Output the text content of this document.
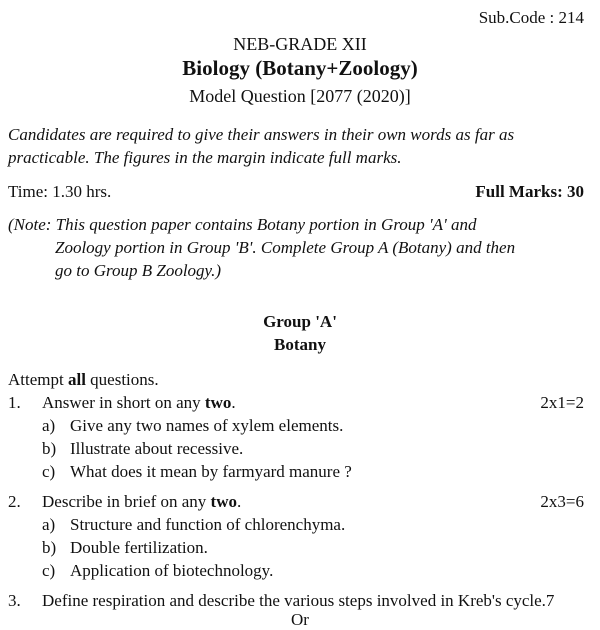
Sub.Code : 214
NEB-GRADE XII
Biology (Botany+Zoology)
Model Question [2077 (2020)]
Candidates are required to give their answers in their own words as far as
practicable. The figures in the margin indicate full marks.
Time: 1.30 hrs.	Full Marks: 30
(Note: This question paper contains Botany portion in Group 'A' and
Zoology portion in Group 'B'. Complete Group A (Botany) and then
go to Group B Zoology.)
Group 'A'
Botany
Attempt all questions.
1. Answer in short on any two.	2x1=2
a) Give any two names of xylem elements.
b) Illustrate about recessive.
c) What does it mean by farmyard manure ?
2. Describe in brief on any two.	2x3=6
a) Structure and function of chlorenchyma.
b) Double fertilization.
c) Application of biotechnology.
3. Define respiration and describe the various steps involved in Kreb's cycle.7
Or
